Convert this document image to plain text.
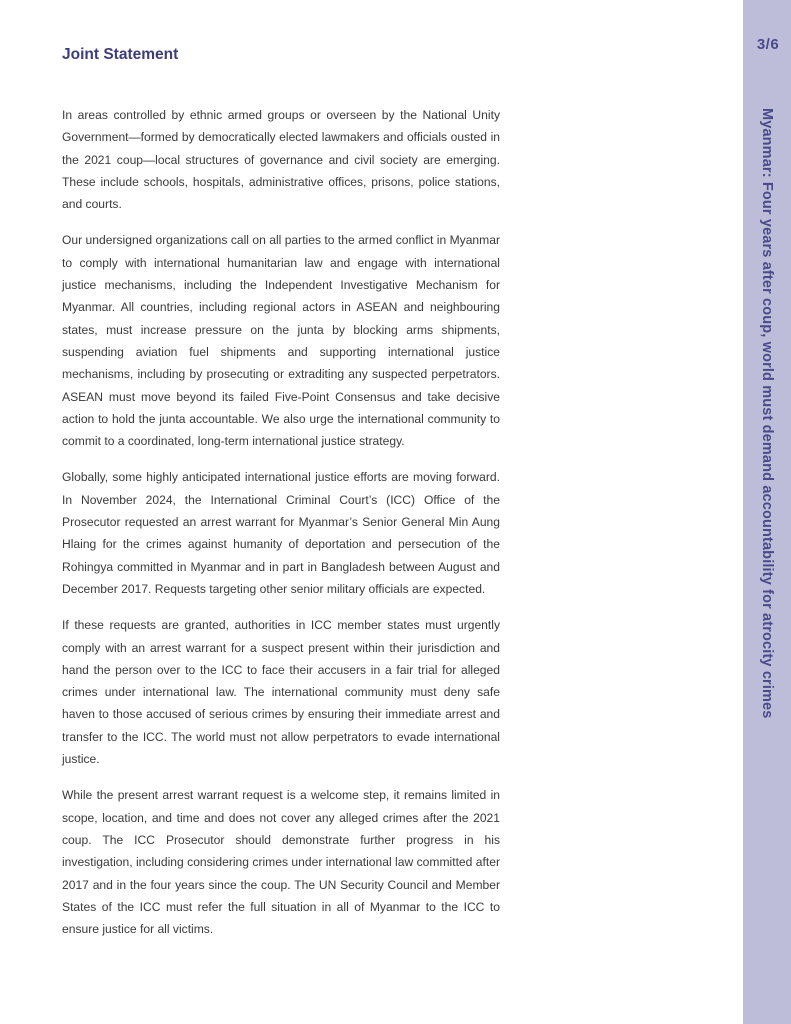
Joint Statement

In areas controlled by ethnic armed groups or overseen by the National Unity Government—formed by democratically elected lawmakers and officials ousted in the 2021 coup—local structures of governance and civil society are emerging. These include schools, hospitals, administrative offices, prisons, police stations, and courts.

Our undersigned organizations call on all parties to the armed conflict in Myanmar to comply with international humanitarian law and engage with international justice mechanisms, including the Independent Investigative Mechanism for Myanmar. All countries, including regional actors in ASEAN and neighbouring states, must increase pressure on the junta by blocking arms shipments, suspending aviation fuel shipments and supporting international justice mechanisms, including by prosecuting or extraditing any suspected perpetrators. ASEAN must move beyond its failed Five-Point Consensus and take decisive action to hold the junta accountable. We also urge the international community to commit to a coordinated, long-term international justice strategy.

Globally, some highly anticipated international justice efforts are moving forward. In November 2024, the International Criminal Court’s (ICC) Office of the Prosecutor requested an arrest warrant for Myanmar’s Senior General Min Aung Hlaing for the crimes against humanity of deportation and persecution of the Rohingya committed in Myanmar and in part in Bangladesh between August and December 2017. Requests targeting other senior military officials are expected.

If these requests are granted, authorities in ICC member states must urgently comply with an arrest warrant for a suspect present within their jurisdiction and hand the person over to the ICC to face their accusers in a fair trial for alleged crimes under international law. The international community must deny safe haven to those accused of serious crimes by ensuring their immediate arrest and transfer to the ICC. The world must not allow perpetrators to evade international justice.

While the present arrest warrant request is a welcome step, it remains limited in scope, location, and time and does not cover any alleged crimes after the 2021 coup. The ICC Prosecutor should demonstrate further progress in his investigation, including considering crimes under international law committed after 2017 and in the four years since the coup. The UN Security Council and Member States of the ICC must refer the full situation in all of Myanmar to the ICC to ensure justice for all victims.

3/6
Myanmar: Four years after coup, world must demand accountability for atrocity crimes
